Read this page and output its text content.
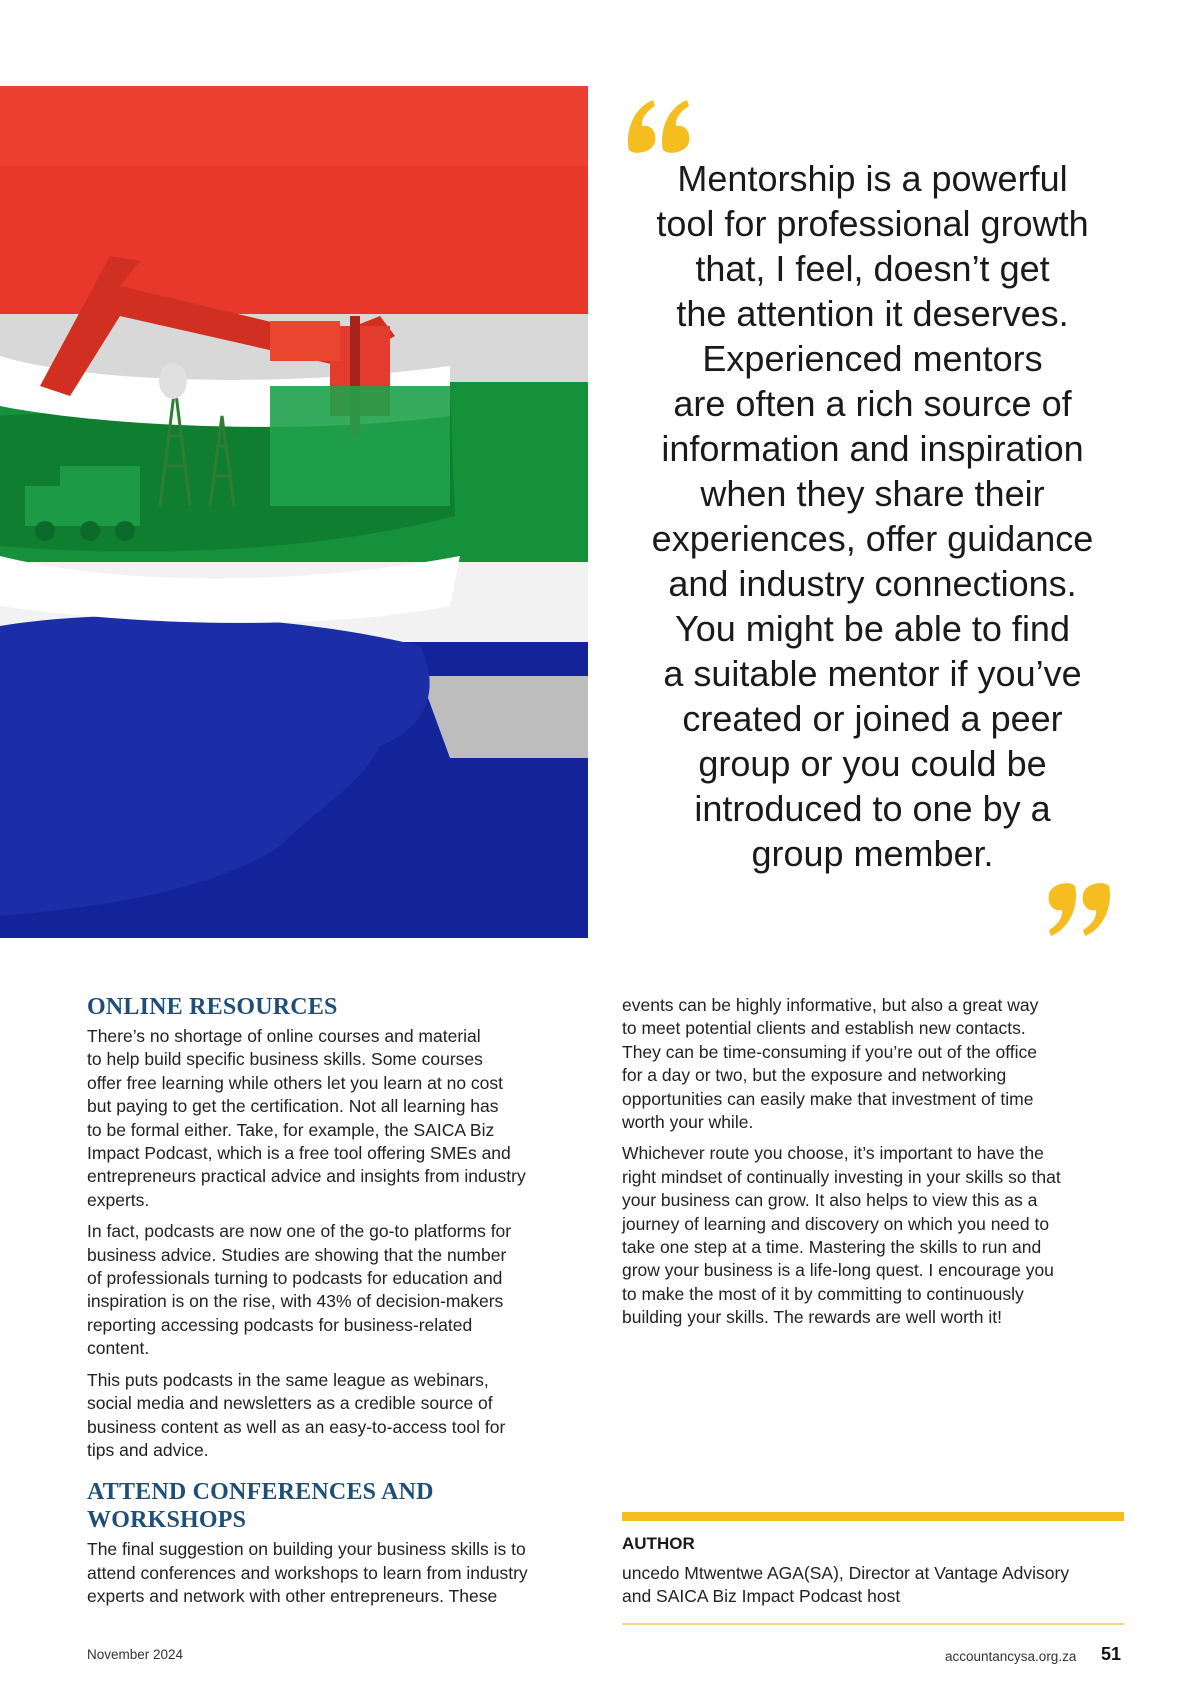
Mentorship is a powerful
tool for professional growth
that, I feel, doesn’t get
the attention it deserves.
Experienced mentors
are often a rich source of
information and inspiration
when they share their
experiences, offer guidance
and industry connections.
You might be able to find
a suitable mentor if you’ve
created or joined a peer
group or you could be
introduced to one by a
group member.

ONLINE RESOURCES

There’s no shortage of online courses and material
to help build specific business skills. Some courses
offer free learning while others let you learn at no cost
but paying to get the certification. Not all learning has
to be formal either. Take, for example, the SAICA Biz
Impact Podcast, which is a free tool offering SMEs and
entrepreneurs practical advice and insights from industry
experts.

In fact, podcasts are now one of the go-to platforms for
business advice. Studies are showing that the number
of professionals turning to podcasts for education and
inspiration is on the rise, with 43% of decision-makers
reporting accessing podcasts for business-related
content.

This puts podcasts in the same league as webinars,
social media and newsletters as a credible source of
business content as well as an easy-to-access tool for
tips and advice.

ATTEND CONFERENCES AND
WORKSHOPS

The final suggestion on building your business skills is to
attend conferences and workshops to learn from industry
experts and network with other entrepreneurs. These

events can be highly informative, but also a great way
to meet potential clients and establish new contacts.
They can be time-consuming if you’re out of the office
for a day or two, but the exposure and networking
opportunities can easily make that investment of time
worth your while.

Whichever route you choose, it’s important to have the
right mindset of continually investing in your skills so that
your business can grow. It also helps to view this as a
journey of learning and discovery on which you need to
take one step at a time. Mastering the skills to run and
grow your business is a life-long quest. I encourage you
to make the most of it by committing to continuously
building your skills. The rewards are well worth it!

AUTHOR

uncedo Mtwentwe AGA(SA), Director at Vantage Advisory
and SAICA Biz Impact Podcast host

November 2024	accountancysa.org.za 51
